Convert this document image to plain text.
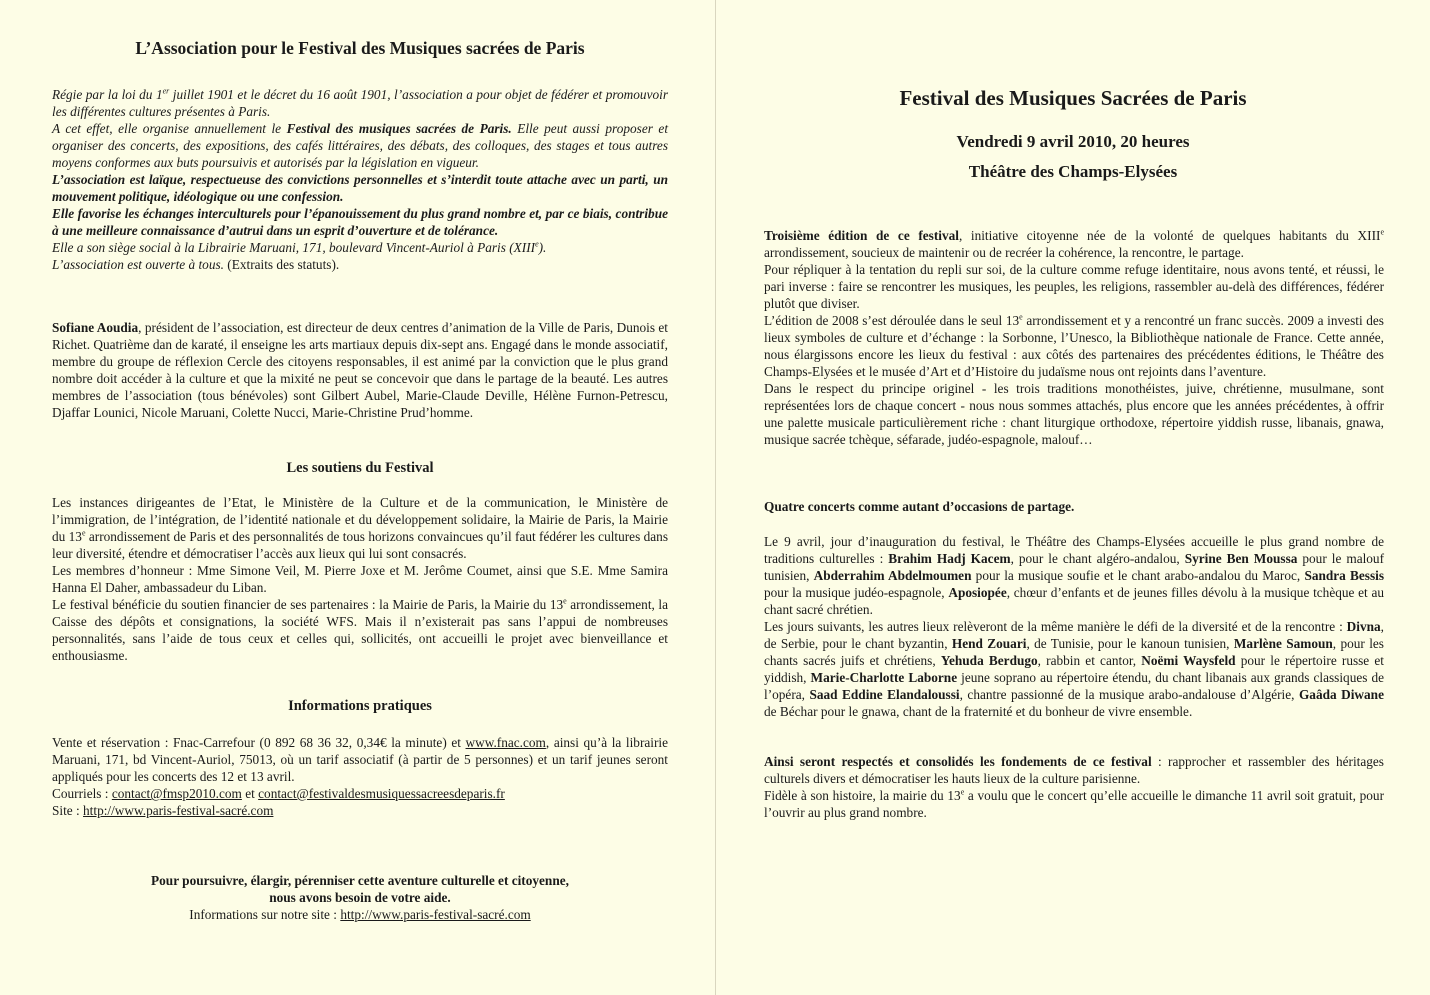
L’Association pour le Festival des Musiques sacrées de Paris

Régie par la loi du 1er juillet 1901 et le décret du 16 août 1901, l’association a pour objet de fédérer et promouvoir les différentes cultures présentes à Paris.

A cet effet, elle organise annuellement le Festival des musiques sacrées de Paris. Elle peut aussi proposer et organiser des concerts, des expositions, des cafés littéraires, des débats, des colloques, des stages et tous autres moyens conformes aux buts poursuivis et autorisés par la législation en vigueur.

L’association est laïque, respectueuse des convictions personnelles et s’interdit toute attache avec un parti, un mouvement politique, idéologique ou une confession.

Elle favorise les échanges interculturels pour l’épanouissement du plus grand nombre et, par ce biais, contribue à une meilleure connaissance d’autrui dans un esprit d’ouverture et de tolérance.

Elle a son siège social à la Librairie Maruani, 171, boulevard Vincent-Auriol à Paris (XIIIe).

L’association est ouverte à tous. (Extraits des statuts).

Sofiane Aoudia, président de l’association, est directeur de deux centres d’animation de la Ville de Paris, Dunois et Richet. Quatrième dan de karaté, il enseigne les arts martiaux depuis dix-sept ans. Engagé dans le monde associatif, membre du groupe de réflexion Cercle des citoyens responsables, il est animé par la conviction que le plus grand nombre doit accéder à la culture et que la mixité ne peut se concevoir que dans le partage de la beauté. Les autres membres de l’association (tous bénévoles) sont Gilbert Aubel, Marie-Claude Deville, Hélène Furnon-Petrescu, Djaffar Lounici, Nicole Maruani, Colette Nucci, Marie-Christine Prud’homme.

Les soutiens du Festival

Les instances dirigeantes de l’Etat, le Ministère de la Culture et de la communication, le Ministère de l’immigration, de l’intégration, de l’identité nationale et du développement solidaire, la Mairie de Paris, la Mairie du 13e arrondissement de Paris et des personnalités de tous horizons convaincues qu’il faut fédérer les cultures dans leur diversité, étendre et démocratiser l’accès aux lieux qui lui sont consacrés.

Les membres d’honneur : Mme Simone Veil, M. Pierre Joxe et M. Jerôme Coumet, ainsi que S.E. Mme Samira Hanna El Daher, ambassadeur du Liban.

Le festival bénéficie du soutien financier de ses partenaires : la Mairie de Paris, la Mairie du 13e arrondissement, la Caisse des dépôts et consignations, la société WFS. Mais il n’existerait pas sans l’appui de nombreuses personnalités, sans l’aide de tous ceux et celles qui, sollicités, ont accueilli le projet avec bienveillance et enthousiasme.

Informations pratiques

Vente et réservation : Fnac-Carrefour (0 892 68 36 32, 0,34€ la minute) et www.fnac.com, ainsi qu’à la librairie Maruani, 171, bd Vincent-Auriol, 75013, où un tarif associatif (à partir de 5 personnes) et un tarif jeunes seront appliqués pour les concerts des 12 et 13 avril.

Courriels : contact@fmsp2010.com et contact@festivaldesmusiquessacreesdeparis.fr

Site : http://www.paris-festival-sacré.com

Pour poursuivre, élargir, pérenniser cette aventure culturelle et citoyenne,

nous avons besoin de votre aide.

Informations sur notre site : http://www.paris-festival-sacré.com

Festival des Musiques Sacrées de Paris
Vendredi 9 avril 2010, 20 heures
Théâtre des Champs-Elysées

Troisième édition de ce festival, initiative citoyenne née de la volonté de quelques habitants du XIIIe arrondissement, soucieux de maintenir ou de recréer la cohérence, la rencontre, le partage.

Pour répliquer à la tentation du repli sur soi, de la culture comme refuge identitaire, nous avons tenté, et réussi, le pari inverse : faire se rencontrer les musiques, les peuples, les religions, rassembler au-delà des différences, fédérer plutôt que diviser.

L’édition de 2008 s’est déroulée dans le seul 13e arrondissement et y a rencontré un franc succès. 2009 a investi des lieux symboles de culture et d’échange : la Sorbonne, l’Unesco, la Bibliothèque nationale de France. Cette année, nous élargissons encore les lieux du festival : aux côtés des partenaires des précédentes éditions, le Théâtre des Champs-Elysées et le musée d’Art et d’Histoire du judaïsme nous ont rejoints dans l’aventure.

Dans le respect du principe originel - les trois traditions monothéistes, juive, chrétienne, musulmane, sont représentées lors de chaque concert - nous nous sommes attachés, plus encore que les années précédentes, à offrir une palette musicale particulièrement riche : chant liturgique orthodoxe, répertoire yiddish russe, libanais, gnawa, musique sacrée tchèque, séfarade, judéo-espagnole, malouf…

Quatre concerts comme autant d’occasions de partage.

Le 9 avril, jour d’inauguration du festival, le Théâtre des Champs-Elysées accueille le plus grand nombre de traditions culturelles : Brahim Hadj Kacem, pour le chant algéro-andalou, Syrine Ben Moussa pour le malouf tunisien, Abderrahim Abdelmoumen pour la musique soufie et le chant arabo-andalou du Maroc, Sandra Bessis pour la musique judéo-espagnole, Aposiopée, chœur d’enfants et de jeunes filles dévolu à la musique tchèque et au chant sacré chrétien.

Les jours suivants, les autres lieux relèveront de la même manière le défi de la diversité et de la rencontre : Divna, de Serbie, pour le chant byzantin, Hend Zouari, de Tunisie, pour le kanoun tunisien, Marlène Samoun, pour les chants sacrés juifs et chrétiens, Yehuda Berdugo, rabbin et cantor, Noëmi Waysfeld pour le répertoire russe et yiddish, Marie-Charlotte Laborne jeune soprano au répertoire étendu, du chant libanais aux grands classiques de l’opéra, Saad Eddine Elandaloussi, chantre passionné de la musique arabo-andalouse d’Algérie, Gaâda Diwane de Béchar pour le gnawa, chant de la fraternité et du bonheur de vivre ensemble.

Ainsi seront respectés et consolidés les fondements de ce festival : rapprocher et rassembler des héritages culturels divers et démocratiser les hauts lieux de la culture parisienne.

Fidèle à son histoire, la mairie du 13e a voulu que le concert qu’elle accueille le dimanche 11 avril soit gratuit, pour l’ouvrir au plus grand nombre.
